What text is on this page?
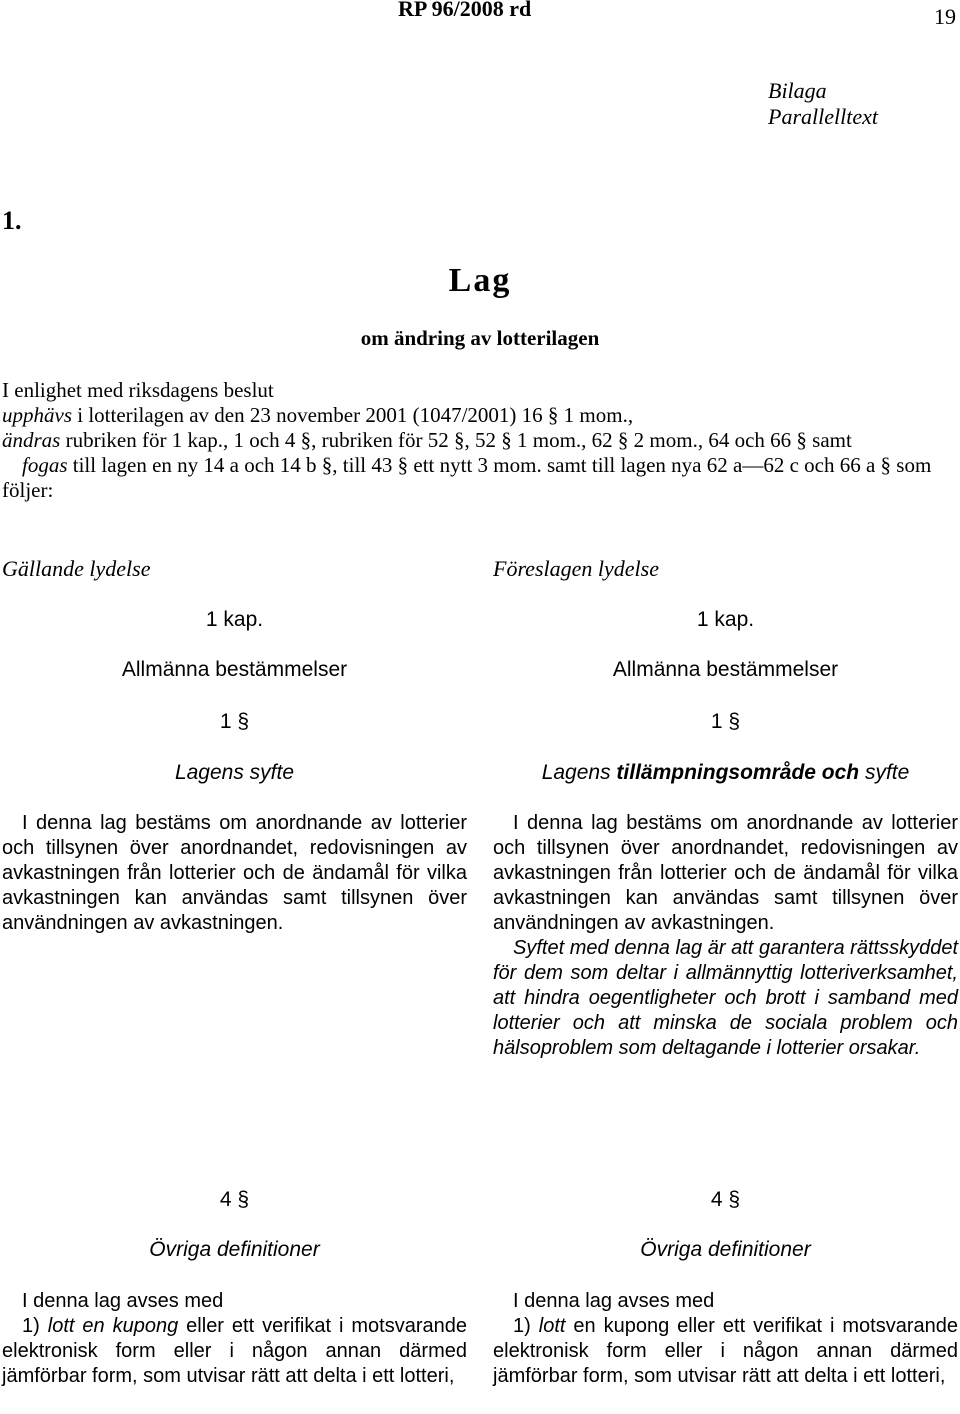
RP 96/2008 rd	19
Bilaga
Parallelltext
1.
Lag
om ändring av lotterilagen

I enlighet med riksdagens beslut

upphävs i lotterilagen av den 23 november 2001 (1047/2001) 16 § 1 mom.,

ändras rubriken för 1 kap., 1 och 4 §, rubriken för 52 §, 52 § 1 mom., 62 § 2 mom., 64 och 66 § samt

fogas till lagen en ny 14 a och 14 b §, till 43 § ett nytt 3 mom. samt till lagen nya 62 a—62 c och 66 a § som följer:

Gällande lydelse	Föreslagen lydelse
1 kap.
Allmänna bestämmelser
1 §
Lagens syfte

I denna lag bestäms om anordnande av lotterier och tillsynen över anordnandet, redovisningen av avkastningen från lotterier och de ändamål för vilka avkastningen kan användas samt tillsynen över användningen av avkastningen.

4 §
Övriga definitioner

I denna lag avses med

1) lott en kupong eller ett verifikat i motsvarande elektronisk form eller i någon annan därmed jämförbar form, som utvisar rätt att delta i ett lotteri,

1 kap.
Allmänna bestämmelser
1 §
Lagens tillämpningsområde och syfte

I denna lag bestäms om anordnande av lotterier och tillsynen över anordnandet, redovisningen av avkastningen från lotterier och de ändamål för vilka avkastningen kan användas samt tillsynen över användningen av avkastningen.

Syftet med denna lag är att garantera rättsskyddet för dem som deltar i allmännyttig lotteriverksamhet, att hindra oegentligheter och brott i samband med lotterier och att minska de sociala problem och hälsoproblem som deltagande i lotterier orsakar.

4 §
Övriga definitioner

I denna lag avses med

1) lott en kupong eller ett verifikat i motsvarande elektronisk form eller i någon annan därmed jämförbar form, som utvisar rätt att delta i ett lotteri,
